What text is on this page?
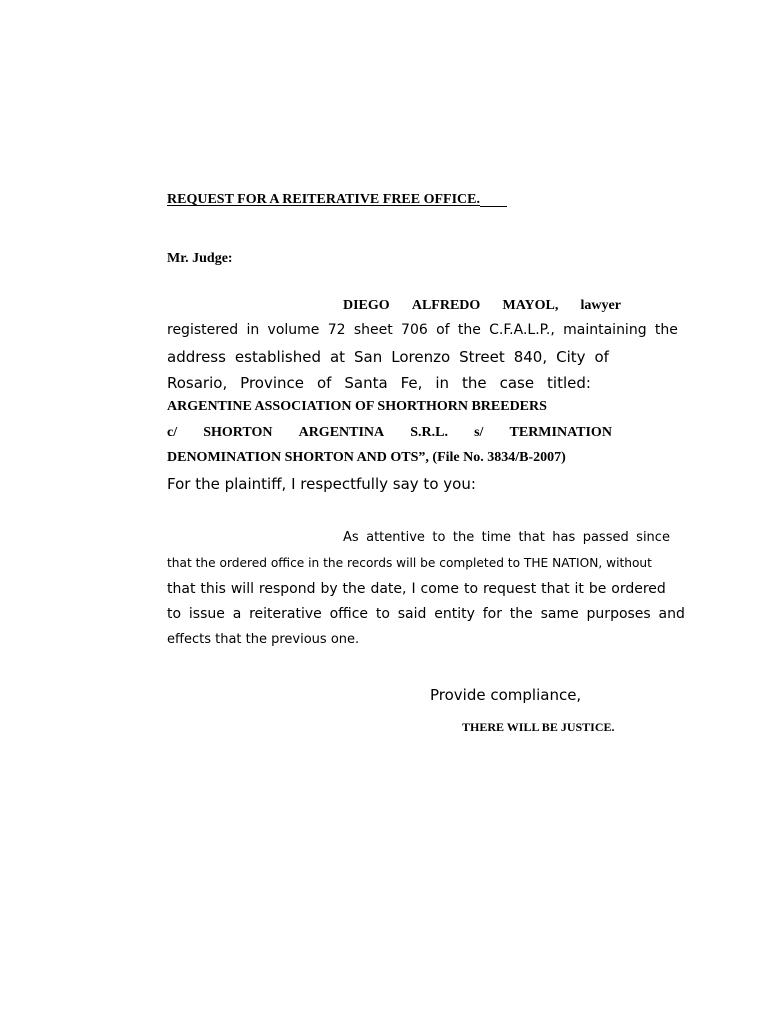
REQUEST FOR A REITERATIVE FREE OFFICE.
Mr. Judge:
DIEGO ALFREDO MAYOL, lawyer
registered in volume 72 sheet 706 of the C.F.A.L.P., maintaining the
address established at San Lorenzo Street 840, City of
Rosario, Province of Santa Fe, in the case titled:
ARGENTINE ASSOCIATION OF SHORTHORN BREEDERS
c/ SHORTON ARGENTINA S.R.L. s/ TERMINATION
DENOMINATION SHORTON AND OTS”, (File No. 3834/B-2007)
For the plaintiff, I respectfully say to you:
As attentive to the time that has passed since
that the ordered office in the records will be completed to THE NATION, without
that this will respond by the date, I come to request that it be ordered
to issue a reiterative office to said entity for the same purposes and
effects that the previous one.
Provide compliance,
THERE WILL BE JUSTICE.
